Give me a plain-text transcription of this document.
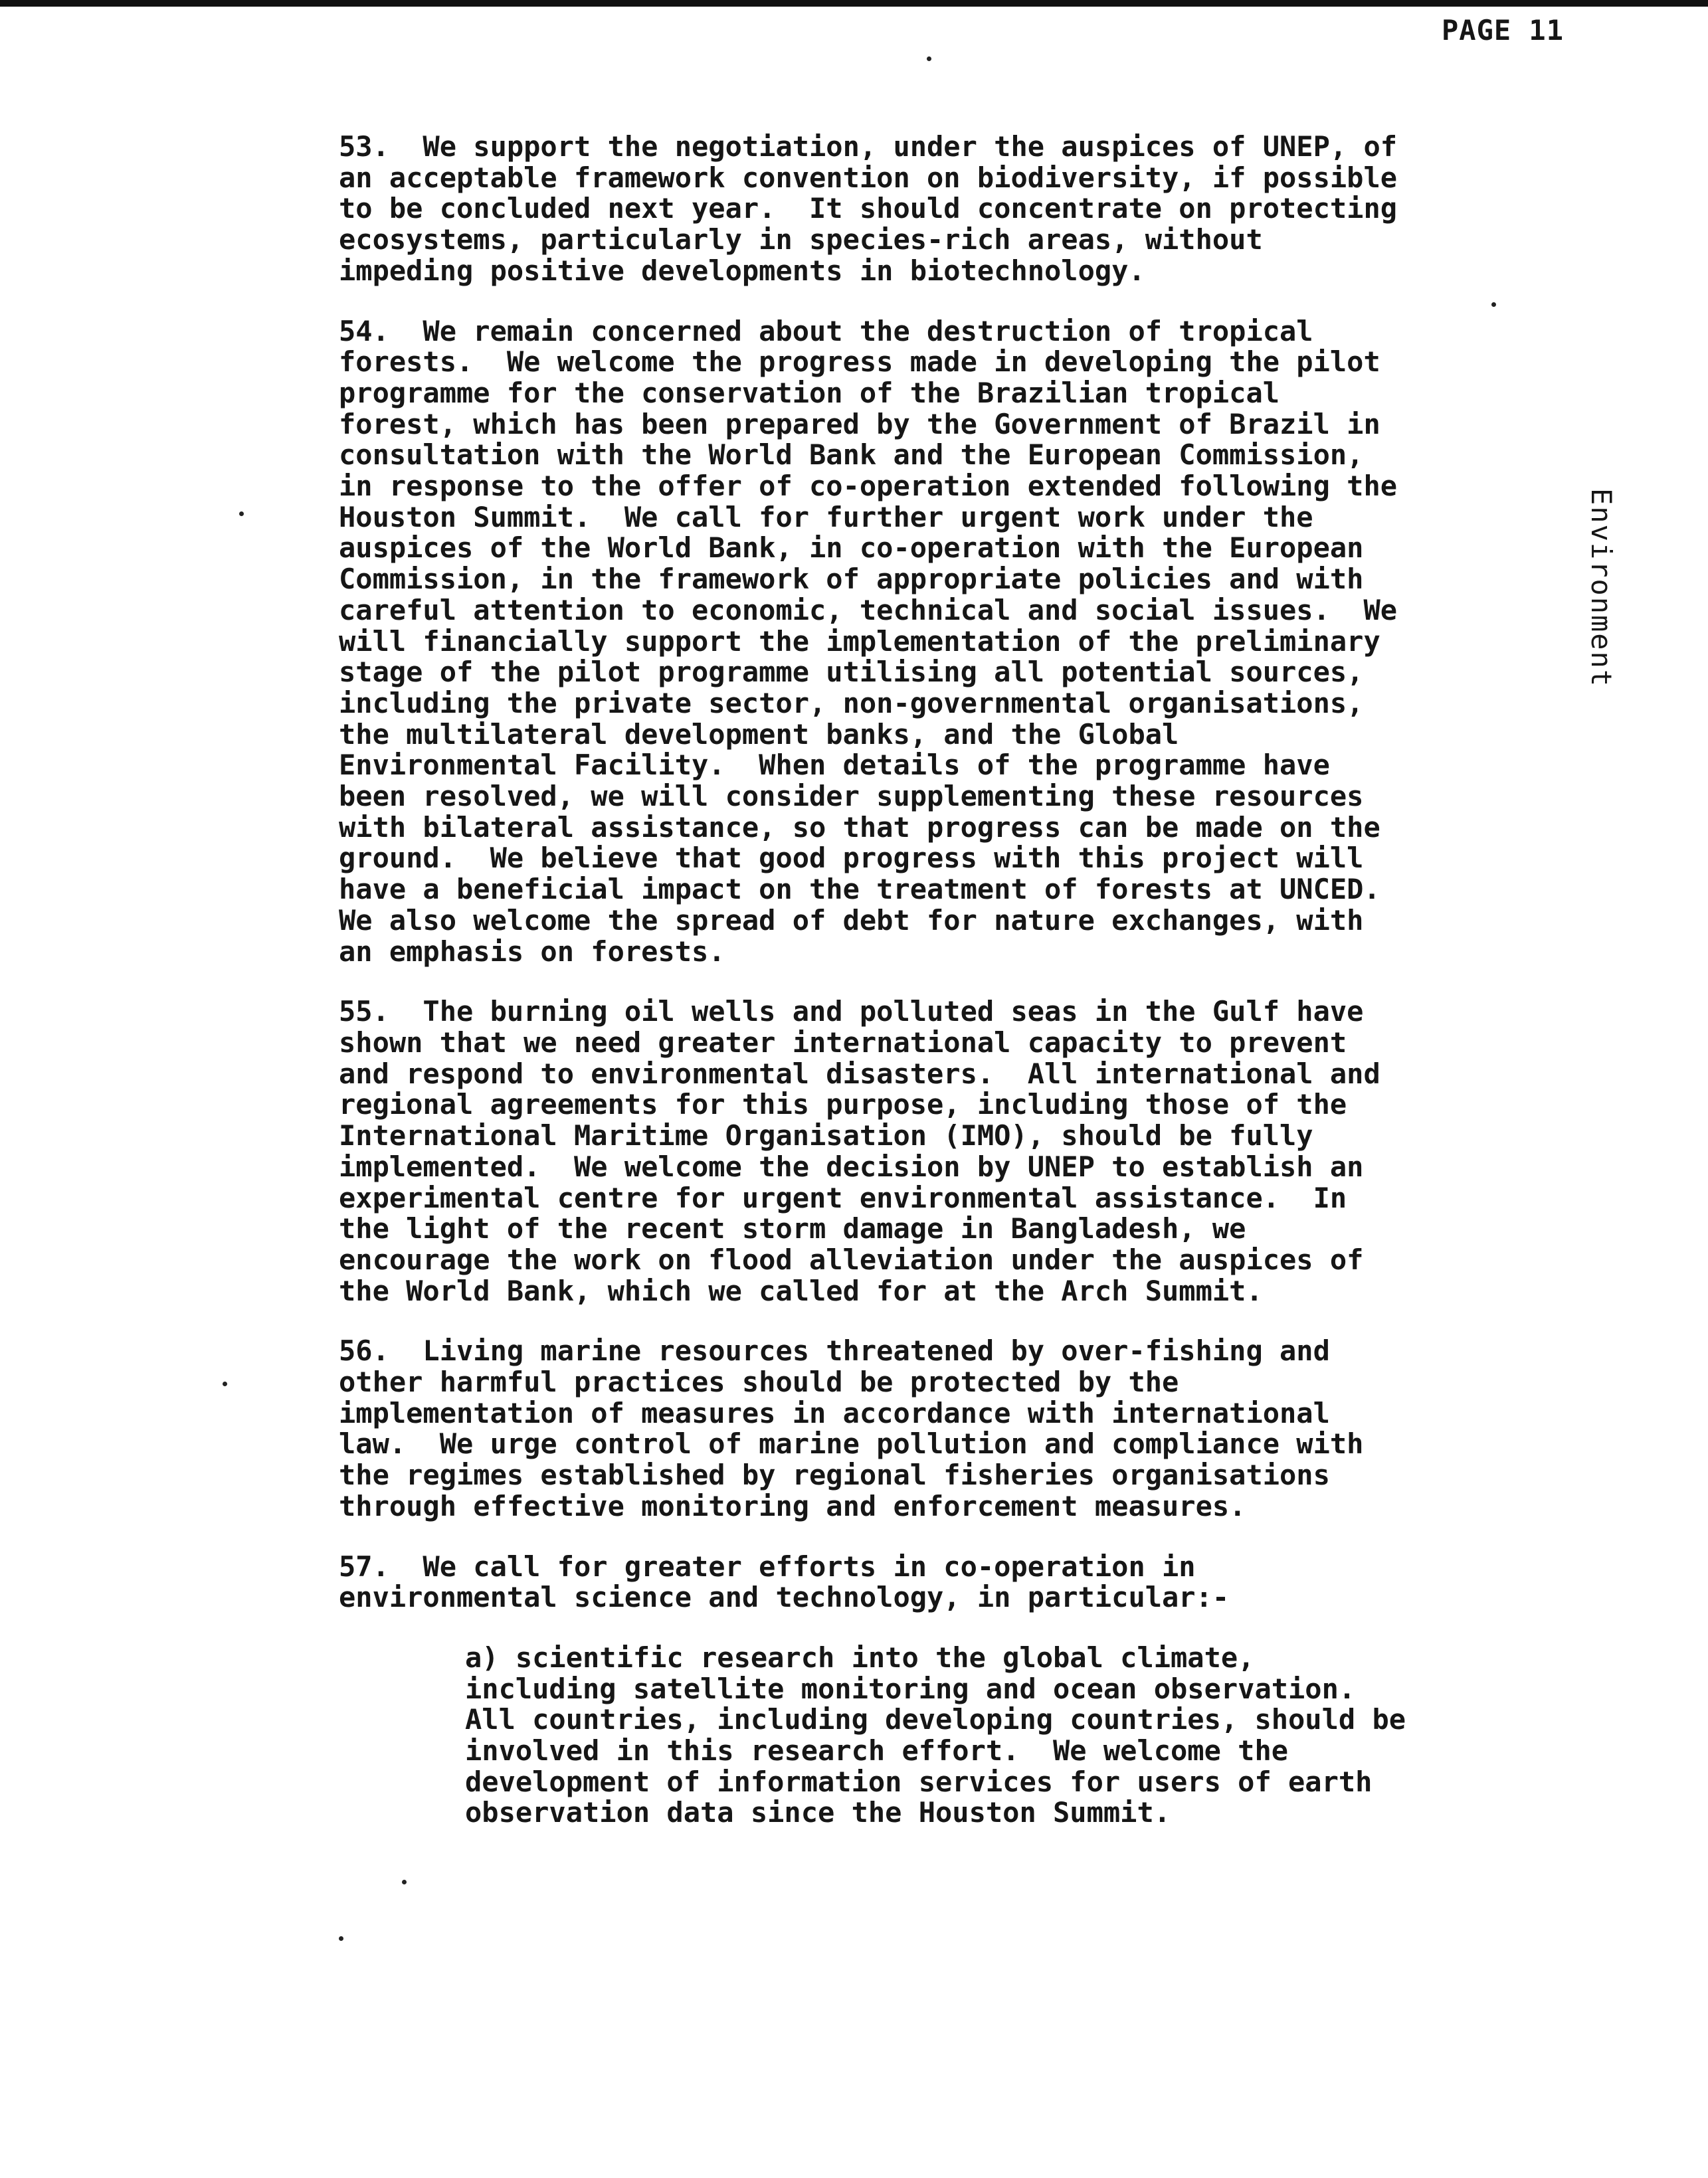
PAGE 11
Environment

53.  We support the negotiation, under the auspices of UNEP, of
an acceptable framework convention on biodiversity, if possible
to be concluded next year.  It should concentrate on protecting
ecosystems, particularly in species-rich areas, without
impeding positive developments in biotechnology.

54.  We remain concerned about the destruction of tropical
forests.  We welcome the progress made in developing the pilot
programme for the conservation of the Brazilian tropical
forest, which has been prepared by the Government of Brazil in
consultation with the World Bank and the European Commission,
in response to the offer of co-operation extended following the
Houston Summit.  We call for further urgent work under the
auspices of the World Bank, in co-operation with the European
Commission, in the framework of appropriate policies and with
careful attention to economic, technical and social issues.  We
will financially support the implementation of the preliminary
stage of the pilot programme utilising all potential sources,
including the private sector, non-governmental organisations,
the multilateral development banks, and the Global
Environmental Facility.  When details of the programme have
been resolved, we will consider supplementing these resources
with bilateral assistance, so that progress can be made on the
ground.  We believe that good progress with this project will
have a beneficial impact on the treatment of forests at UNCED.
We also welcome the spread of debt for nature exchanges, with
an emphasis on forests.

55.  The burning oil wells and polluted seas in the Gulf have
shown that we need greater international capacity to prevent
and respond to environmental disasters.  All international and
regional agreements for this purpose, including those of the
International Maritime Organisation (IMO), should be fully
implemented.  We welcome the decision by UNEP to establish an
experimental centre for urgent environmental assistance.  In
the light of the recent storm damage in Bangladesh, we
encourage the work on flood alleviation under the auspices of
the World Bank, which we called for at the Arch Summit.

56.  Living marine resources threatened by over-fishing and
other harmful practices should be protected by the
implementation of measures in accordance with international
law.  We urge control of marine pollution and compliance with
the regimes established by regional fisheries organisations
through effective monitoring and enforcement measures.

57.  We call for greater efforts in co-operation in
environmental science and technology, in particular:-

a) scientific research into the global climate,
including satellite monitoring and ocean observation.
All countries, including developing countries, should be
involved in this research effort.  We welcome the
development of information services for users of earth
observation data since the Houston Summit.
